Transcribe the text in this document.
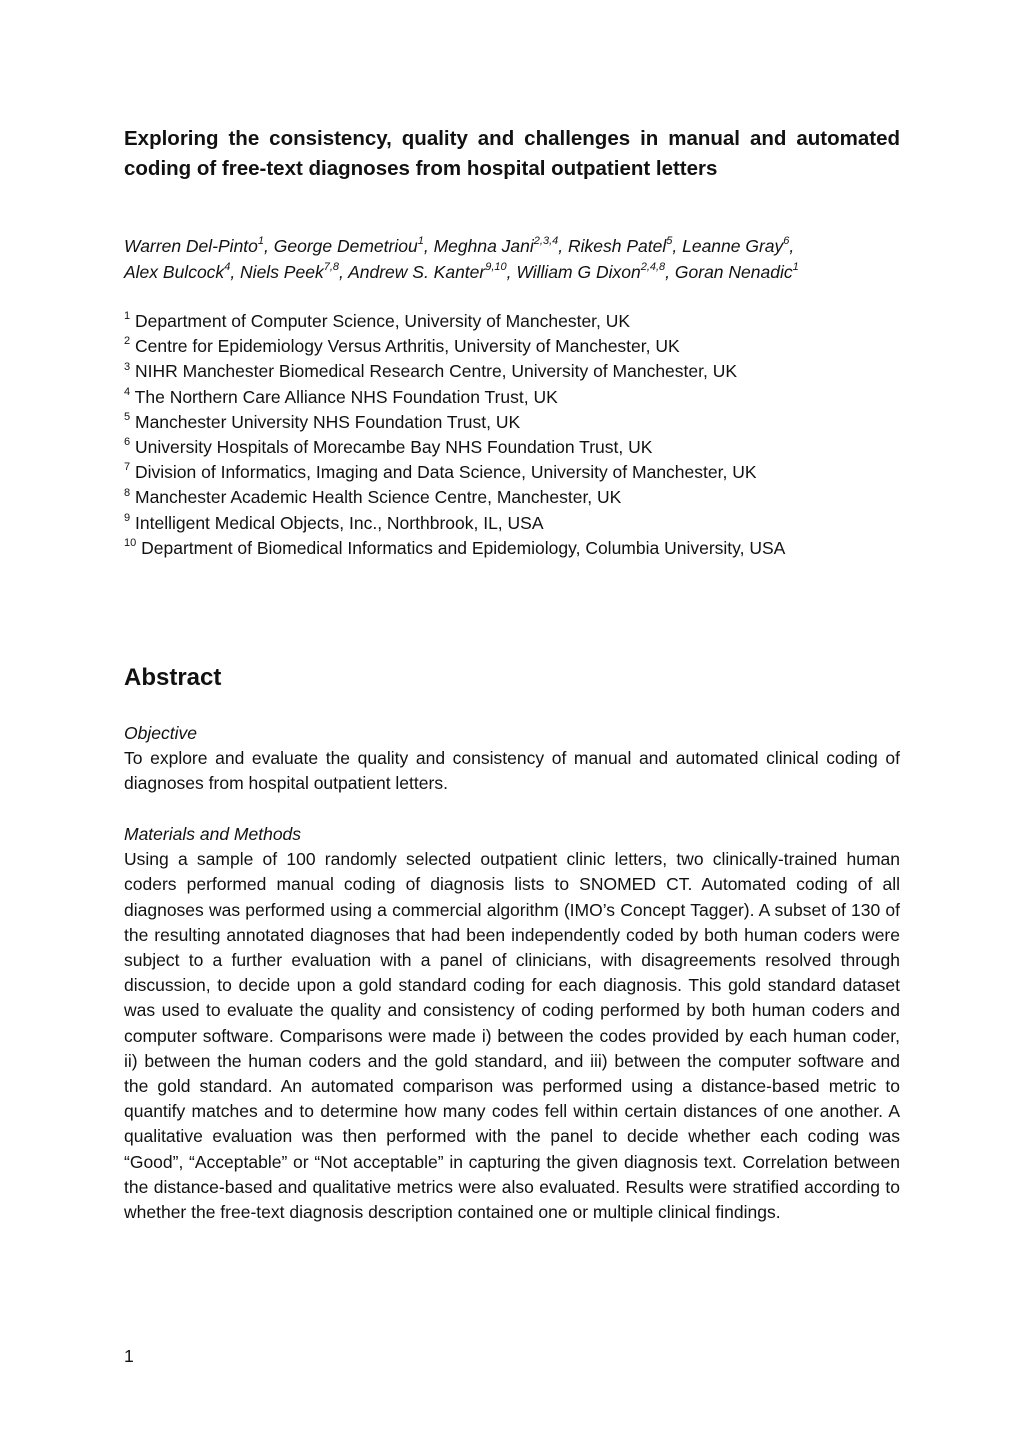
Exploring the consistency, quality and challenges in manual and automated
coding of free-text diagnoses from hospital outpatient letters
Warren Del-Pinto$^1$, George Demetriou$^1$, Meghna Jani$^{2,3,4}$, Rikesh Patel$^5$, Leanne Gray$^6$,
Alex Bulcock$^4$, Niels Peek$^{7,8}$, Andrew S. Kanter$^{9,10}$, William G Dixon$^{2,4,8}$, Goran Nenadic$^1$
$^1$ Department of Computer Science, University of Manchester, UK
$^2$ Centre for Epidemiology Versus Arthritis, University of Manchester, UK
$^3$ NIHR Manchester Biomedical Research Centre, University of Manchester, UK
$^4$ The Northern Care Alliance NHS Foundation Trust, UK
$^5$ Manchester University NHS Foundation Trust, UK
$^6$ University Hospitals of Morecambe Bay NHS Foundation Trust, UK
$^7$ Division of Informatics, Imaging and Data Science, University of Manchester, UK
$^8$ Manchester Academic Health Science Centre, Manchester, UK
$^9$ Intelligent Medical Objects, Inc., Northbrook, IL, USA
$^{10}$ Department of Biomedical Informatics and Epidemiology, Columbia University, USA
Abstract
Objective
To explore and evaluate the quality and consistency of manual and automated clinical coding of diagnoses from hospital outpatient letters.
Materials and Methods
Using a sample of 100 randomly selected outpatient clinic letters, two clinically-trained human coders performed manual coding of diagnosis lists to SNOMED CT. Automated coding of all diagnoses was performed using a commercial algorithm (IMO’s Concept Tagger). A subset of 130 of the resulting annotated diagnoses that had been independently coded by both human coders were subject to a further evaluation with a panel of clinicians, with disagreements resolved through discussion, to decide upon a gold standard coding for each diagnosis. This gold standard dataset was used to evaluate the quality and consistency of coding performed by both human coders and computer software. Comparisons were made i) between the codes provided by each human coder, ii) between the human coders and the gold standard, and iii) between the computer software and the gold standard. An automated comparison was performed using a distance-based metric to quantify matches and to determine how many codes fell within certain distances of one another. A qualitative evaluation was then performed with the panel to decide whether each coding was “Good”, “Acceptable” or “Not acceptable” in capturing the given diagnosis text. Correlation between the distance-based and qualitative metrics were also evaluated. Results were stratified according to whether the free-text diagnosis description contained one or multiple clinical findings.
1
